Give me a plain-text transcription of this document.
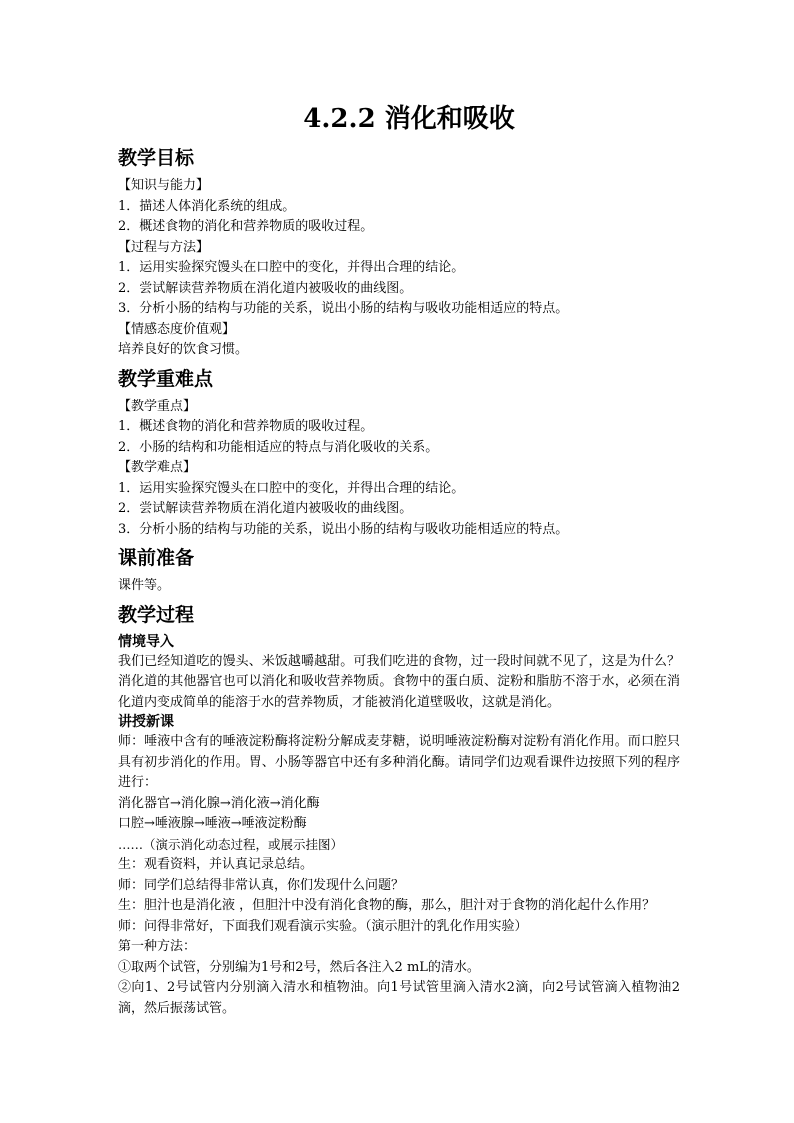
4.2.2 消化和吸收
教学目标

【知识与能力】

1．描述人体消化系统的组成。

2．概述食物的消化和营养物质的吸收过程。

【过程与方法】

1．运用实验探究馒头在口腔中的变化，并得出合理的结论。

2．尝试解读营养物质在消化道内被吸收的曲线图。

3．分析小肠的结构与功能的关系，说出小肠的结构与吸收功能相适应的特点。

【情感态度价值观】

培养良好的饮食习惯。

教学重难点

【教学重点】

1．概述食物的消化和营养物质的吸收过程。

2．小肠的结构和功能相适应的特点与消化吸收的关系。

【教学难点】

1．运用实验探究馒头在口腔中的变化，并得出合理的结论。

2．尝试解读营养物质在消化道内被吸收的曲线图。

3．分析小肠的结构与功能的关系，说出小肠的结构与吸收功能相适应的特点。

课前准备

课件等。

教学过程
情境导入

我们已经知道吃的馒头、米饭越嚼越甜。可我们吃进的食物，过一段时间就不见了，这是为什么？消化道的其他器官也可以消化和吸收营养物质。食物中的蛋白质、淀粉和脂肪不溶于水，必须在消化道内变成简单的能溶于水的营养物质，才能被消化道壁吸收，这就是消化。

讲授新课

师：唾液中含有的唾液淀粉酶将淀粉分解成麦芽糖，说明唾液淀粉酶对淀粉有消化作用。而口腔只具有初步消化的作用。胃、小肠等器官中还有多种消化酶。请同学们边观看课件边按照下列的程序进行：

消化器官→消化腺→消化液→消化酶

口腔→唾液腺→唾液→唾液淀粉酶

……（演示消化动态过程，或展示挂图）

生：观看资料，并认真记录总结。

师：同学们总结得非常认真，你们发现什么问题？

生：胆汁也是消化液 ，但胆汁中没有消化食物的酶，那么，胆汁对于食物的消化起什么作用？

师：问得非常好，下面我们观看演示实验。（演示胆汁的乳化作用实验）

第一种方法：

①取两个试管，分别编为1号和2号，然后各注入2 mL的清水。

②向1、2号试管内分别滴入清水和植物油。向1号试管里滴入清水2滴，向2号试管滴入植物油2滴，然后振荡试管。
